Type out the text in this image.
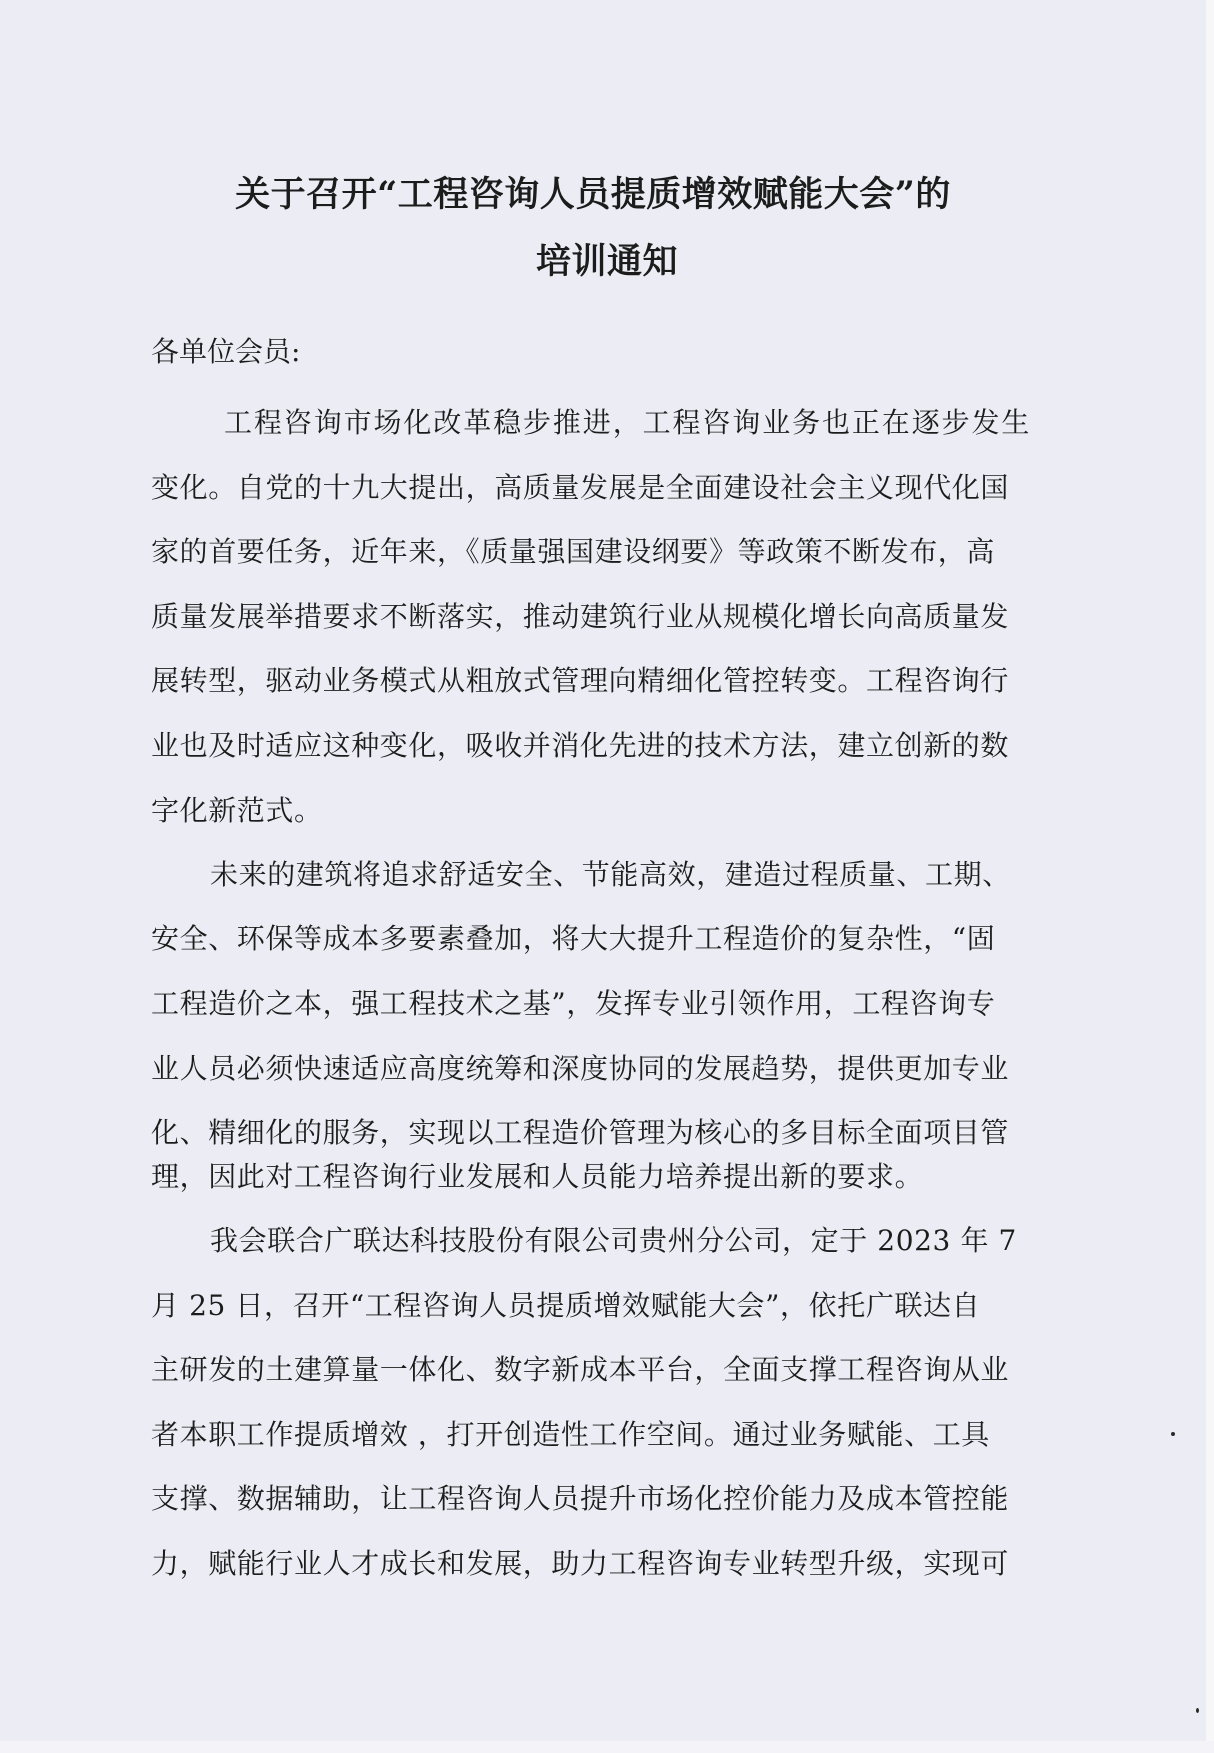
关于召开“工程咨询人员提质增效赋能大会”的
培训通知
各单位会员:
工程咨询市场化改革稳步推进，工程咨询业务也正在逐步发生
变化。自党的十九大提出，高质量发展是全面建设社会主义现代化国
家的首要任务，近年来，《质量强国建设纲要》等政策不断发布，高
质量发展举措要求不断落实，推动建筑行业从规模化增长向高质量发
展转型，驱动业务模式从粗放式管理向精细化管控转变。工程咨询行
业也及时适应这种变化，吸收并消化先进的技术方法，建立创新的数
字化新范式。
未来的建筑将追求舒适安全、节能高效，建造过程质量、工期、
安全、环保等成本多要素叠加，将大大提升工程造价的复杂性，“固
工程造价之本，强工程技术之基”，发挥专业引领作用，工程咨询专
业人员必须快速适应高度统筹和深度协同的发展趋势，提供更加专业
化、精细化的服务，实现以工程造价管理为核心的多目标全面项目管
理，因此对工程咨询行业发展和人员能力培养提出新的要求。
我会联合广联达科技股份有限公司贵州分公司，定于 2023 年 7
月 25 日，召开“工程咨询人员提质增效赋能大会”，依托广联达自
主研发的土建算量一体化、数字新成本平台，全面支撑工程咨询从业
者本职工作提质增效 ，打开创造性工作空间。通过业务赋能、工具
支撑、数据辅助，让工程咨询人员提升市场化控价能力及成本管控能
力，赋能行业人才成长和发展，助力工程咨询专业转型升级，实现可
